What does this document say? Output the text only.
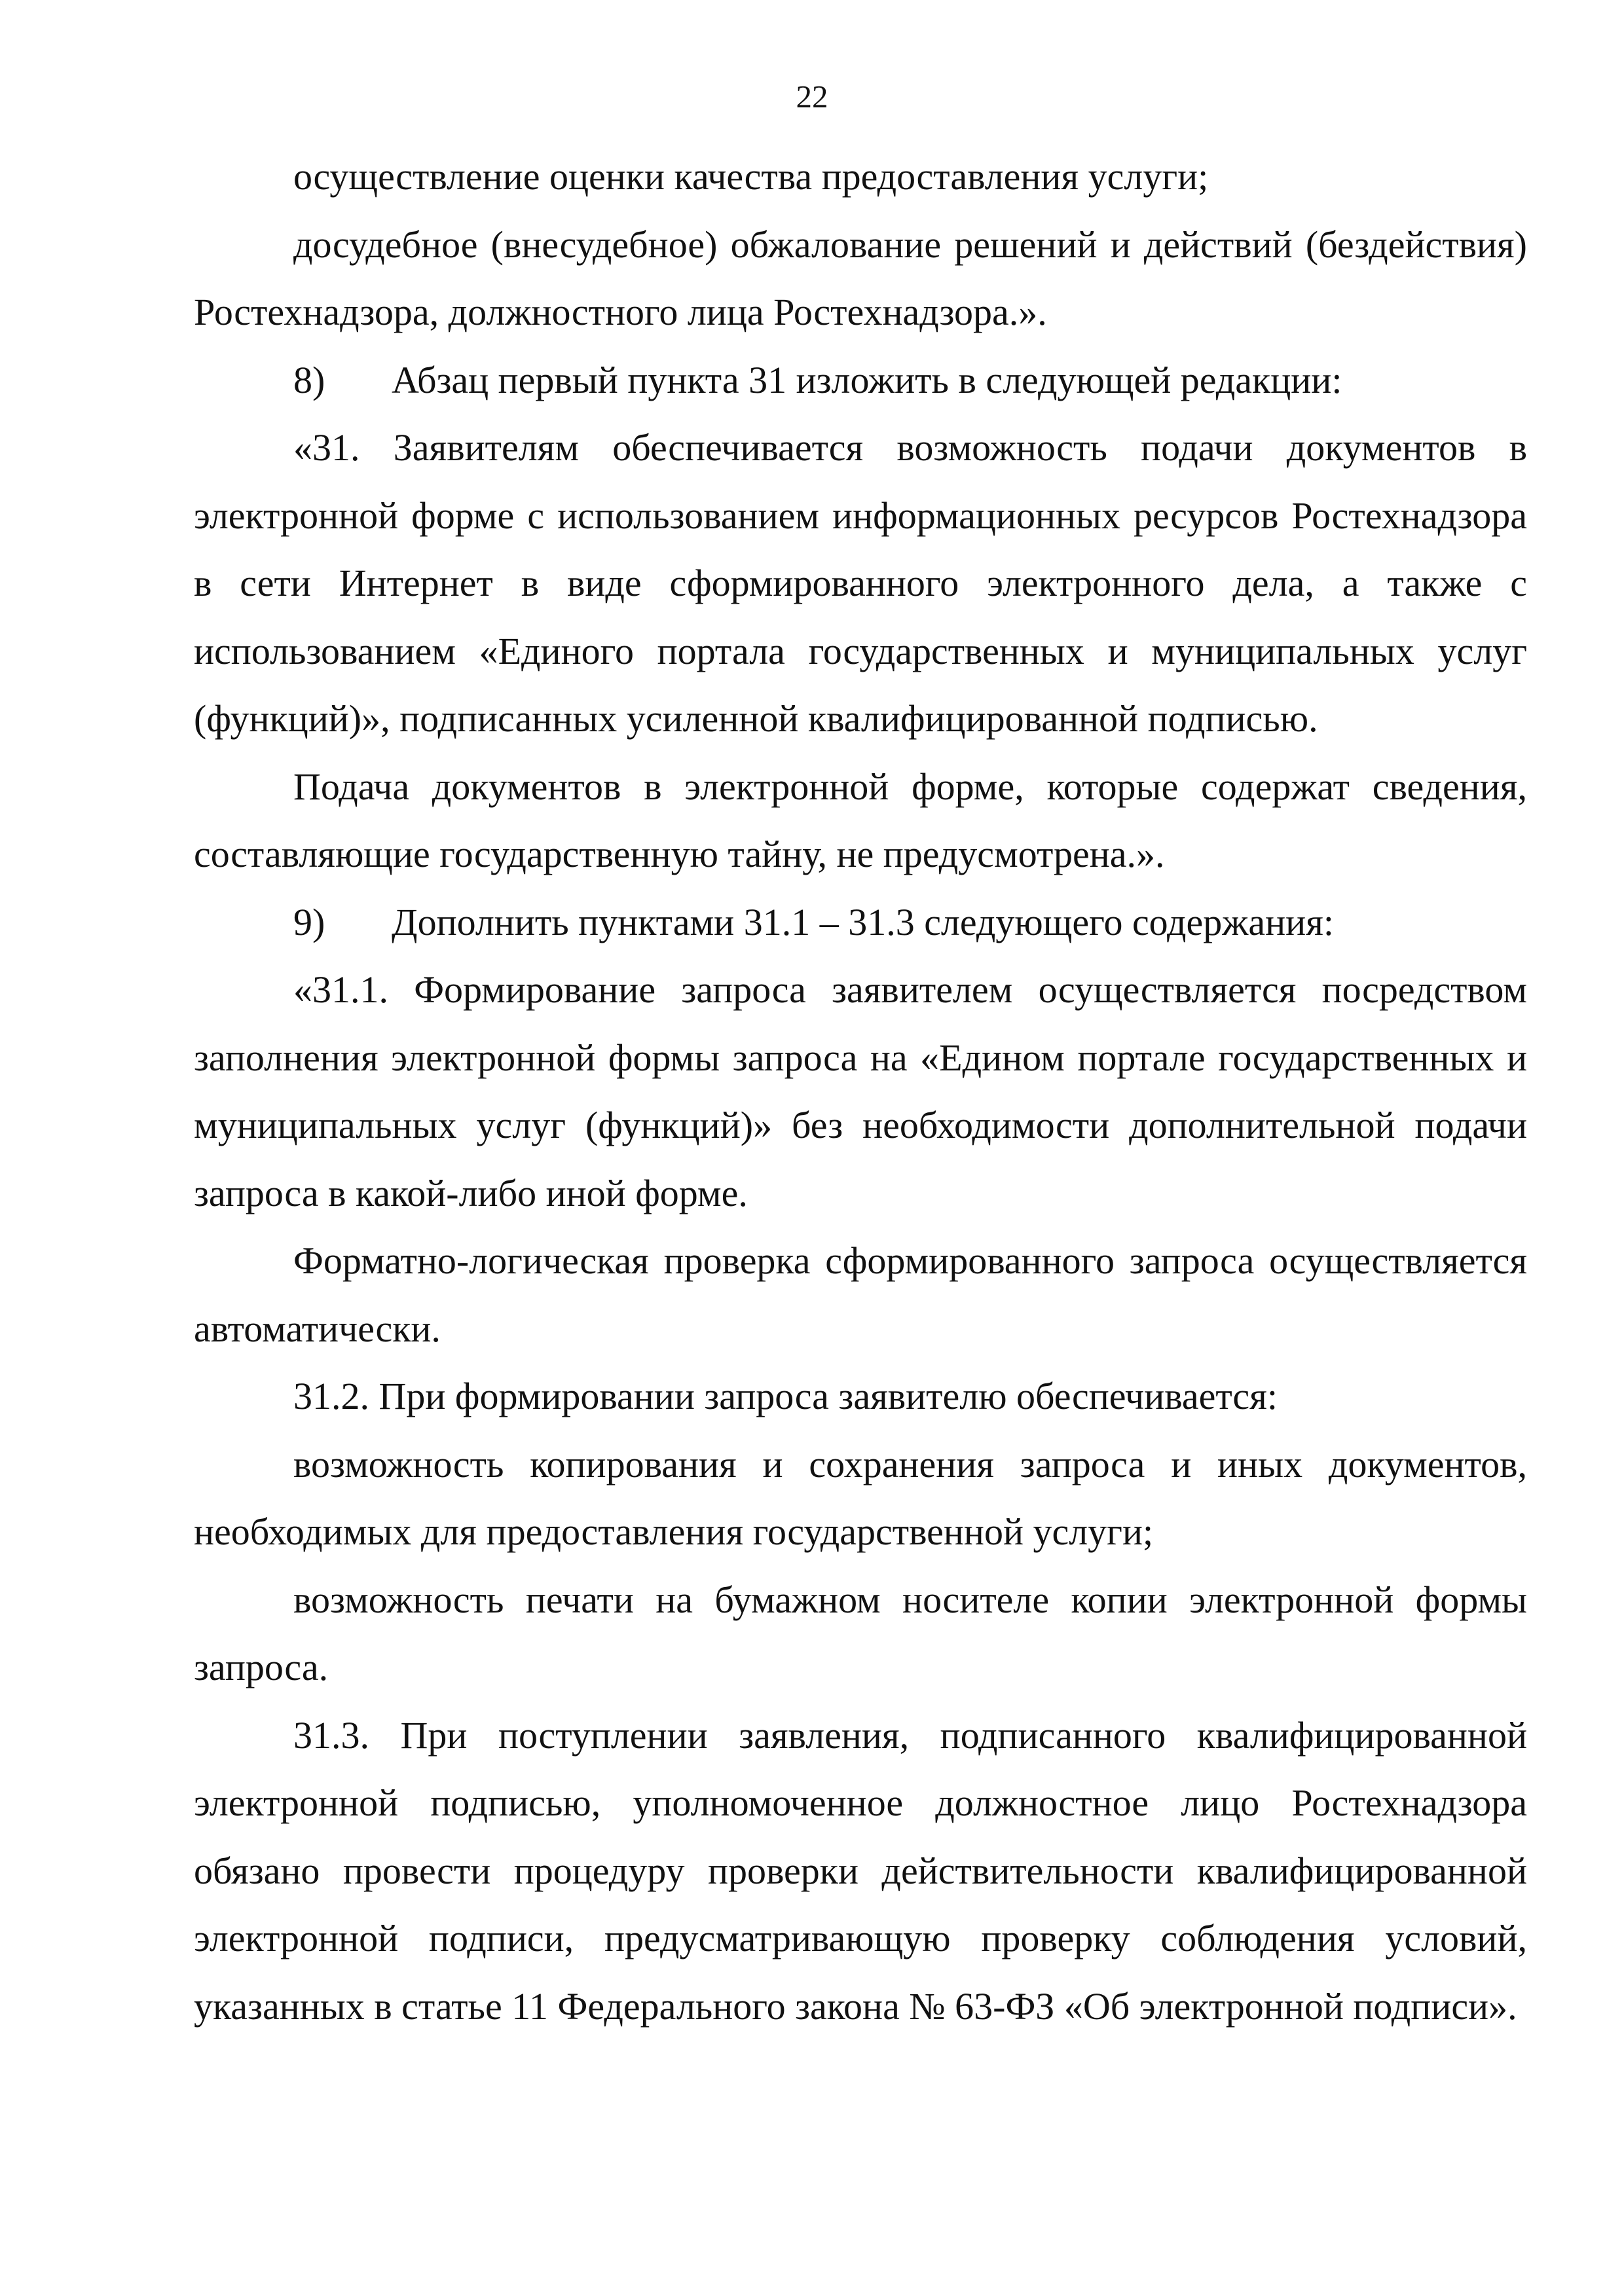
22

осуществление оценки качества предоставления услуги;

досудебное (внесудебное) обжалование решений и действий (бездействия) Ростехнадзора, должностного лица Ростехнадзора.».

8) Абзац первый пункта 31 изложить в следующей редакции:

«31. Заявителям обеспечивается возможность подачи документов в электронной форме с использованием информационных ресурсов Ростехнадзора в сети Интернет в виде сформированного электронного дела, а также с использованием «Единого портала государственных и муниципальных услуг (функций)», подписанных усиленной квалифицированной подписью.

Подача документов в электронной форме, которые содержат сведения, составляющие государственную тайну, не предусмотрена.».

9) Дополнить пунктами 31.1 – 31.3 следующего содержания:

«31.1. Формирование запроса заявителем осуществляется посредством заполнения электронной формы запроса на «Едином портале государственных и муниципальных услуг (функций)» без необходимости дополнительной подачи запроса в какой-либо иной форме.

Форматно-логическая проверка сформированного запроса осуществляется автоматически.

31.2. При формировании запроса заявителю обеспечивается:

возможность копирования и сохранения запроса и иных документов, необходимых для предоставления государственной услуги;

возможность печати на бумажном носителе копии электронной формы запроса.

31.3. При поступлении заявления, подписанного квалифицированной электронной подписью, уполномоченное должностное лицо Ростехнадзора обязано провести процедуру проверки действительности квалифицированной электронной подписи, предусматривающую проверку соблюдения условий, указанных в статье 11 Федерального закона № 63-ФЗ «Об электронной подписи».
